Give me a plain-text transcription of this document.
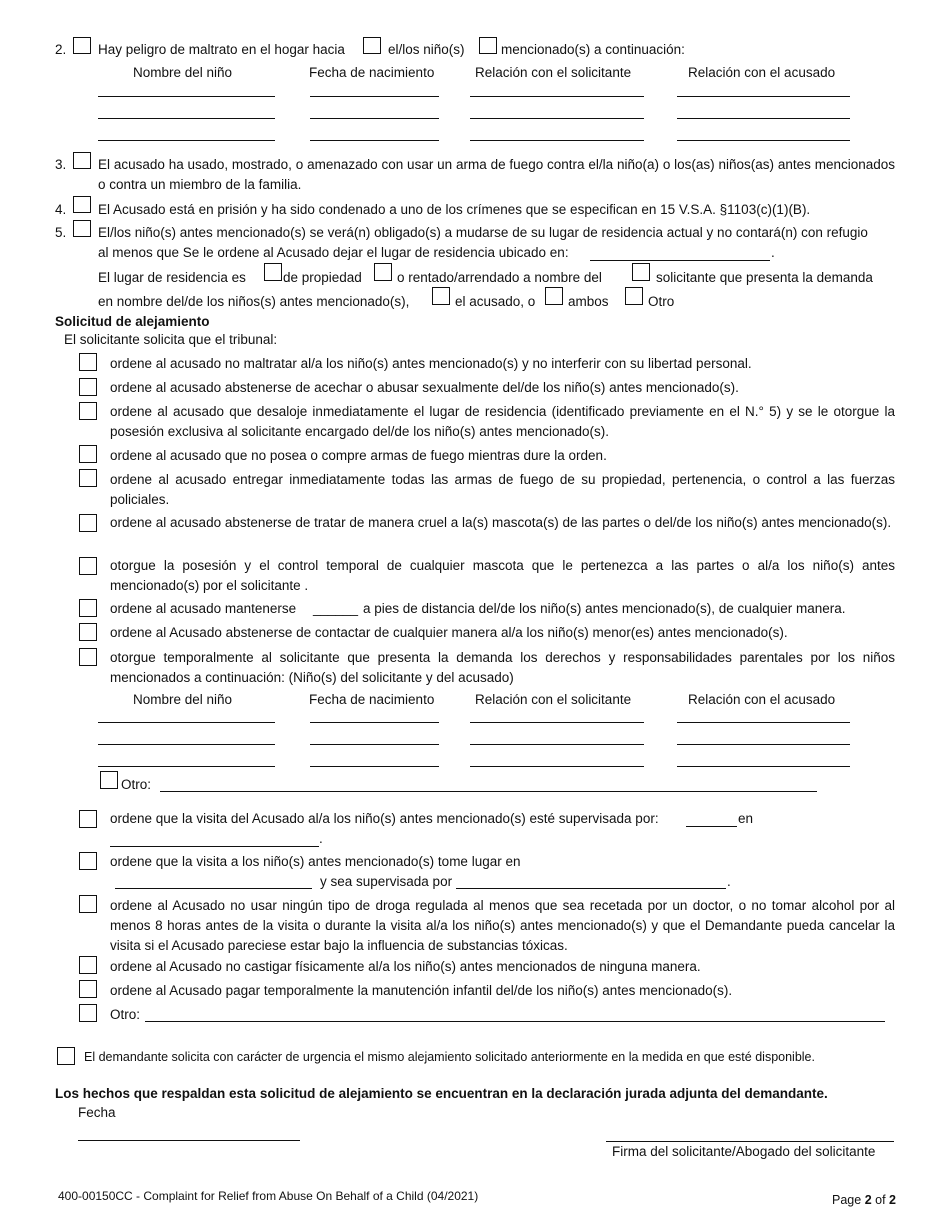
2. Hay peligro de maltrato en el hogar hacia	el/los niño(s)	mencionado(s) a continuación:
Nombre del niño	Fecha de nacimiento	Relación con el solicitante	Relación con el acusado
3. El acusado ha usado, mostrado, o amenazado con usar un arma de fuego contra el/la niño(a) o los(as) niños(as) antes mencionados o contra un miembro de la familia.
4. El Acusado está en prisión y ha sido condenado a uno de los crímenes que se especifican en 15 V.S.A. §1103(c)(1)(B).
5. El/los niño(s) antes mencionado(s) se verá(n) obligado(s) a mudarse de su lugar de residencia actual y no contará(n) con refugio
al menos que Se le ordene al Acusado dejar el lugar de residencia ubicado en:	.
El lugar de residencia es	de propiedad	o rentado/arrendado a nombre del	solicitante que presenta la demanda
en nombre del/de los niños(s) antes mencionado(s),	el acusado, o ambos	Otro
Solicitud de alejamiento
El solicitante solicita que el tribunal:
ordene al acusado no maltratar al/a los niño(s) antes mencionado(s) y no interferir con su libertad personal.
ordene al acusado abstenerse de acechar o abusar sexualmente del/de los niño(s) antes mencionado(s).
ordene al acusado que desaloje inmediatamente el lugar de residencia (identificado previamente en el N.° 5) y se le otorgue la posesión exclusiva al solicitante encargado del/de los niño(s) antes mencionado(s).
ordene al acusado que no posea o compre armas de fuego mientras dure la orden.
ordene al acusado entregar inmediatamente todas las armas de fuego de su propiedad, pertenencia, o control a las fuerzas policiales.
ordene al acusado abstenerse de tratar de manera cruel a la(s) mascota(s) de las partes o del/de los niño(s) antes mencionado(s).
otorgue la posesión y el control temporal de cualquier mascota que le pertenezca a las partes o al/a los niño(s) antes mencionado(s) por el solicitante .
ordene al acusado mantenerse ______ a pies de distancia del/de los niño(s) antes mencionado(s), de cualquier manera.
ordene al Acusado abstenerse de contactar de cualquier manera al/a los niño(s) menor(es) antes mencionado(s).
otorgue temporalmente al solicitante que presenta la demanda los derechos y responsabilidades parentales por los niños mencionados a continuación: (Niño(s) del solicitante y del acusado)
Nombre del niño	Fecha de nacimiento	Relación con el solicitante	Relación con el acusado
Otro:
ordene que la visita del Acusado al/a los niño(s) antes mencionado(s) esté supervisada por:	en
.
ordene que la visita a los niño(s) antes mencionado(s) tome lugar en
y sea supervisada por	.
ordene al Acusado no usar ningún tipo de droga regulada al menos que sea recetada por un doctor, o no tomar alcohol por al menos 8 horas antes de la visita o durante la visita al/a los niño(s) antes mencionado(s) y que el Demandante pueda cancelar la visita si el Acusado pareciese estar bajo la influencia de substancias tóxicas.
ordene al Acusado no castigar físicamente al/a los niño(s) antes mencionados de ninguna manera.
ordene al Acusado pagar temporalmente la manutención infantil del/de los niño(s) antes mencionado(s).
Otro:
El demandante solicita con carácter de urgencia el mismo alejamiento solicitado anteriormente en la medida en que esté disponible.
Los hechos que respaldan esta solicitud de alejamiento se encuentran en la declaración jurada adjunta del demandante.
Fecha
Firma del solicitante/Abogado del solicitante
400-00150CC - Complaint for Relief from Abuse On Behalf of a Child (04/2021)	Page 2 of 2
